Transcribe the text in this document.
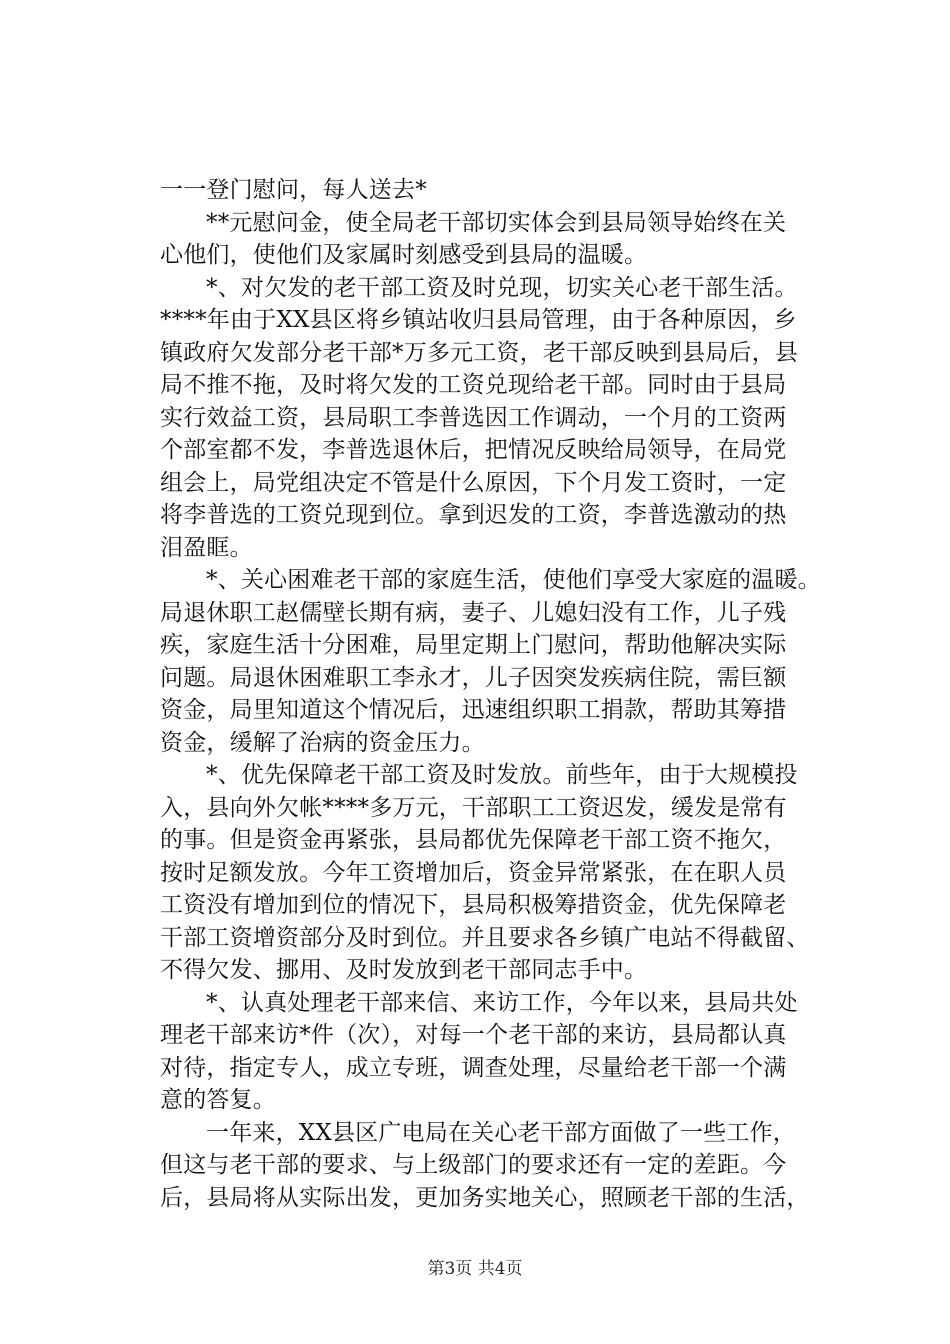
一一登门慰问，每人送去*
**元慰问金，使全局老干部切实体会到县局领导始终在关
心他们，使他们及家属时刻感受到县局的温暖。
*、对欠发的老干部工资及时兑现，切实关心老干部生活。
****年由于XX县区将乡镇站收归县局管理，由于各种原因，乡
镇政府欠发部分老干部*万多元工资，老干部反映到县局后，县
局不推不拖，及时将欠发的工资兑现给老干部。同时由于县局
实行效益工资，县局职工李普选因工作调动，一个月的工资两
个部室都不发，李普选退休后，把情况反映给局领导，在局党
组会上，局党组决定不管是什么原因，下个月发工资时，一定
将李普选的工资兑现到位。拿到迟发的工资，李普选激动的热
泪盈眶。
*、关心困难老干部的家庭生活，使他们享受大家庭的温暖。
局退休职工赵儒壁长期有病，妻子、儿媳妇没有工作，儿子残
疾，家庭生活十分困难，局里定期上门慰问，帮助他解决实际
问题。局退休困难职工李永才，儿子因突发疾病住院，需巨额
资金，局里知道这个情况后，迅速组织职工捐款，帮助其筹措
资金，缓解了治病的资金压力。
*、优先保障老干部工资及时发放。前些年，由于大规模投
入，县向外欠帐****多万元，干部职工工资迟发，缓发是常有
的事。但是资金再紧张，县局都优先保障老干部工资不拖欠，
按时足额发放。今年工资增加后，资金异常紧张，在在职人员
工资没有增加到位的情况下，县局积极筹措资金，优先保障老
干部工资增资部分及时到位。并且要求各乡镇广电站不得截留、
不得欠发、挪用、及时发放到老干部同志手中。
*、认真处理老干部来信、来访工作，今年以来，县局共处
理老干部来访*件（次），对每一个老干部的来访，县局都认真
对待，指定专人，成立专班，调查处理，尽量给老干部一个满
意的答复。
一年来，XX县区广电局在关心老干部方面做了一些工作，
但这与老干部的要求、与上级部门的要求还有一定的差距。今
后，县局将从实际出发，更加务实地关心，照顾老干部的生活，
第3页 共4页
